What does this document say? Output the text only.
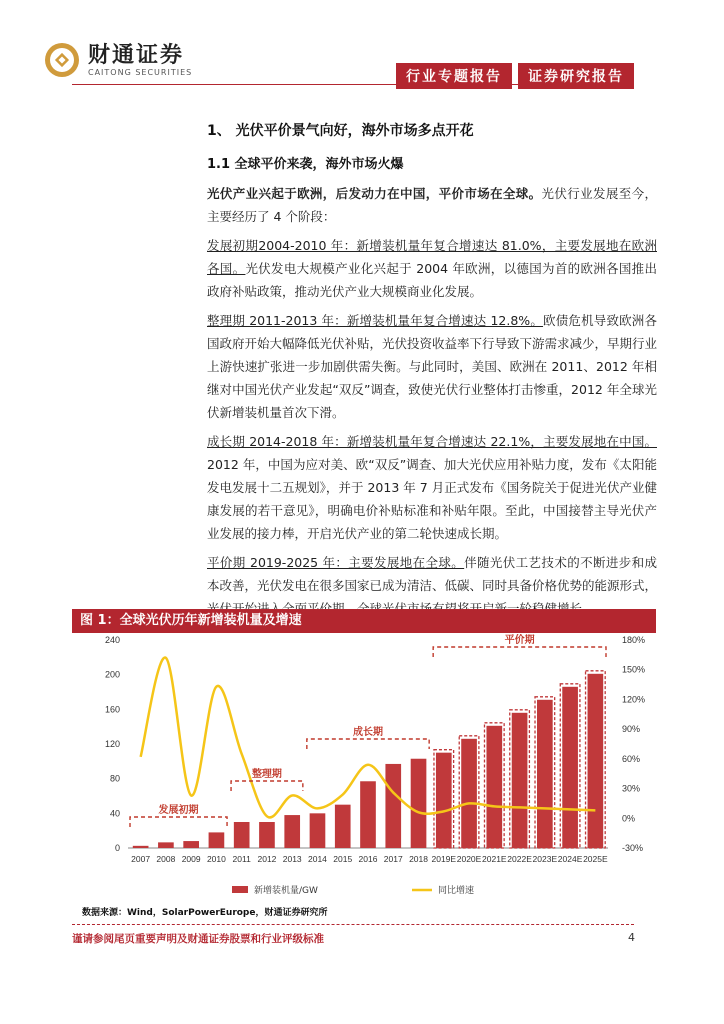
财通证券
CAITONG SECURITIES	行业专题报告	证券研究报告
1、 光伏平价景气向好，海外市场多点开花
1.1 全球平价来袭，海外市场火爆

光伏产业兴起于欧洲，后发动力在中国，平价市场在全球。光伏行业发展至今，主要经历了 4 个阶段：

发展初期2004-2010 年：新增装机量年复合增速达 81.0%，主要发展地在欧洲各国。光伏发电大规模产业化兴起于 2004 年欧洲，以德国为首的欧洲各国推出政府补贴政策，推动光伏产业大规模商业化发展。

整理期 2011-2013 年：新增装机量年复合增速达 12.8%。欧债危机导致欧洲各国政府开始大幅降低光伏补贴，光伏投资收益率下行导致下游需求减少，早期行业上游快速扩张进一步加剧供需失衡。与此同时，美国、欧洲在 2011、2012 年相继对中国光伏产业发起“双反”调查，致使光伏行业整体打击惨重，2012 年全球光伏新增装机量首次下滑。

成长期 2014-2018 年：新增装机量年复合增速达 22.1%，主要发展地在中国。2012 年，中国为应对美、欧“双反”调查、加大光伏应用补贴力度，发布《太阳能发电发展十二五规划》，并于 2013 年 7 月正式发布《国务院关于促进光伏产业健康发展的若干意见》，明确电价补贴标准和补贴年限。至此，中国接替主导光伏产业发展的接力棒，开启光伏产业的第二轮快速成长期。

平价期 2019-2025 年：主要发展地在全球。伴随光伏工艺技术的不断进步和成本改善，光伏发电在很多国家已成为清洁、低碳、同时具备价格优势的能源形式，

图 1：全球光伏历年新增装机量及增速
0
40
80
120
160
200
240
-30%
0%
30%
60%
90%
120%
150%
180%
2007 2008 2009 2010 2011 2012 2013 2014 2015 2016 2017 2018 2019E 2020E 2021E 2022E 2023E 2024E 2025E
发展初期
整理期
成长期
平价期
新增装机量/GW	同比增速
数据来源：Wind，SolarPowerEurope，财通证券研究所
谨请参阅尾页重要声明及财通证券股票和行业评级标准	4
